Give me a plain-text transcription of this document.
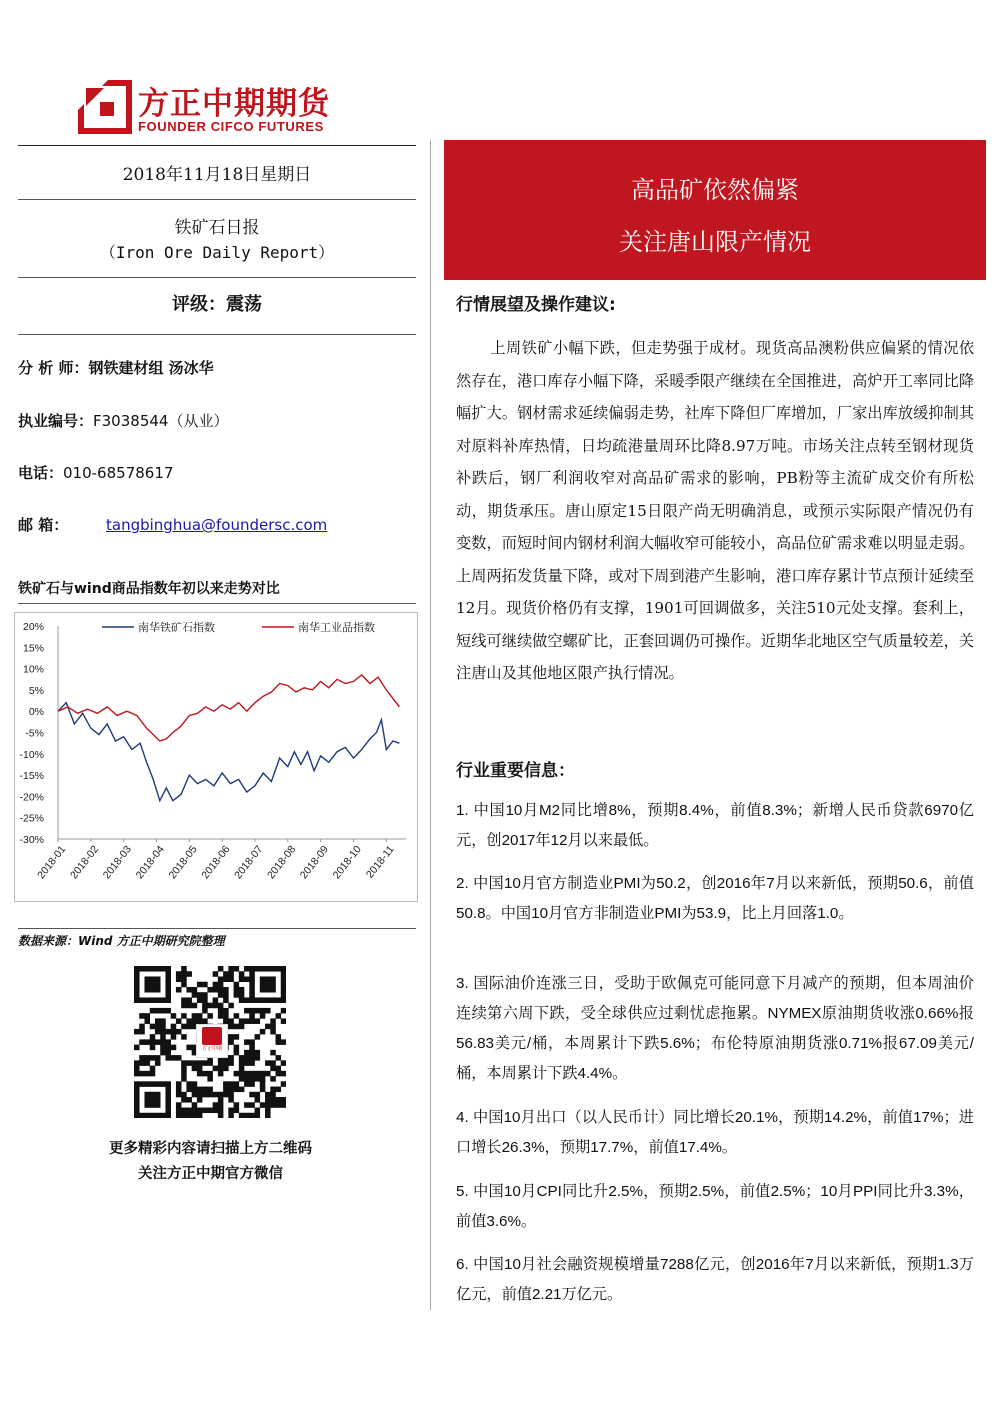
方正中期期货
FOUNDER CIFCO FUTURES
2018年11月18日星期日
铁矿石日报
（Iron Ore Daily Report）
评级：震荡
分 析 师：钢铁建材组 汤冰华
执业编号：F3038544（从业）
电话：010-68578617
邮 箱：	tangbinghua@foundersc.com
铁矿石与wind商品指数年初以来走势对比
20%
15%
10%
5%
0%
-5%
-10%
-15%
-20%
-25%
-30%
2018-01 2018-02 2018-03 2018-04 2018-05 2018-06 2018-07 2018-08 2018-09 2018-10 2018-11
南华铁矿石指数	南华工业品指数
数据来源：Wind 方正中期研究院整理
方正中期
更多精彩内容请扫描上方二维码
关注方正中期官方微信
高品矿依然偏紧
关注唐山限产情况
行情展望及操作建议:
上周铁矿小幅下跌，但走势强于成材。现货高品澳粉供应偏紧的情况依然存在，港口库存小幅下降，采暖季限产继续在全国推进，高炉开工率同比降幅扩大。钢材需求延续偏弱走势，社库下降但厂库增加，厂家出库放缓抑制其对原料补库热情，日均疏港量周环比降8.97万吨。市场关注点转至钢材现货补跌后，钢厂利润收窄对高品矿需求的影响，PB粉等主流矿成交价有所松动，期货承压。唐山原定15日限产尚无明确消息，或预示实际限产情况仍有变数，而短时间内钢材利润大幅收窄可能较小，高品位矿需求难以明显走弱。上周两拓发货量下降，或对下周到港产生影响，港口库存累计节点预计延续至12月。现货价格仍有支撑，1901可回调做多，关注510元处支撑。套利上，短线可继续做空螺矿比，正套回调仍可操作。近期华北地区空气质量较差，关注唐山及其他地区限产执行情况。
行业重要信息：
1. 中国10月M2同比增8%，预期8.4%，前值8.3%；新增人民币贷款6970亿元，创2017年12月以来最低。
2. 中国10月官方制造业PMI为50.2，创2016年7月以来新低，预期50.6，前值50.8。中国10月官方非制造业PMI为53.9，比上月回落1.0。
3. 国际油价连涨三日，受助于欧佩克可能同意下月减产的预期，但本周油价连续第六周下跌，受全球供应过剩忧虑拖累。NYMEX原油期货收涨0.66%报56.83美元/桶，本周累计下跌5.6%；布伦特原油期货涨0.71%报67.09美元/桶，本周累计下跌4.4%。
4. 中国10月出口（以人民币计）同比增长20.1%，预期14.2%，前值17%；进口增长26.3%，预期17.7%，前值17.4%。
5. 中国10月CPI同比升2.5%，预期2.5%，前值2.5%；10月PPI同比升3.3%，前值3.6%。
6. 中国10月社会融资规模增量7288亿元，创2016年7月以来新低，预期1.3万亿元，前值2.21万亿元。
